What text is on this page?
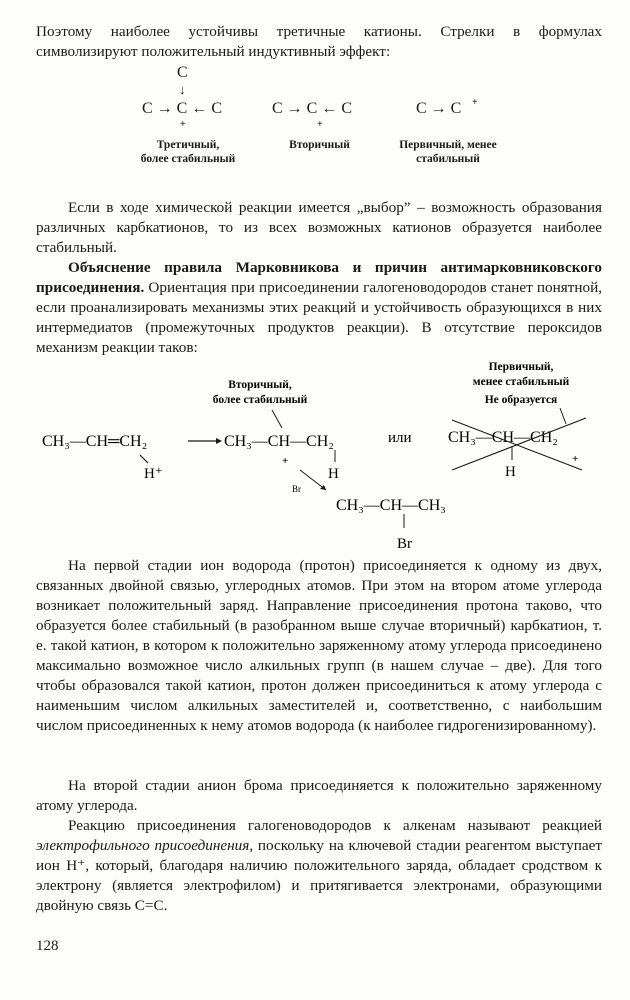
Поэтому наиболее устойчивы третичные катионы. Стрелки в формулах символизируют положительный индуктивный эффект:

C
↓
C → C ← C
+
Третичный,
более стабильный
C → C ← C
+
Вторичный
C → C +
Первичный, менее
стабильный

Если в ходе химической реакции имеется „выбор” – возможность образования различных карбкатионов, то из всех возможных катионов образуется наиболее стабильный.

Объяснение правила Марковникова и причин антимарковниковского присоединения. Ориентация при присоединении галогеноводородов станет понятной, если проанализировать механизмы этих реакций и устойчивость образующихся в них интермедиатов (промежуточных продуктов реакции). В отсутствие пероксидов механизм реакции таков:

CH₃—CH═CH₂
H⁺
Вторичный,
более стабильный
CH₃—CH—CH₂
+
H
Br
CH₃—CH—CH₃
Br
или
Первичный,
менее стабильный
Не образуется
CH₃—CH—CH₂
+
H

На первой стадии ион водорода (протон) присоединяется к одному из двух, связанных двойной связью, углеродных атомов. При этом на втором атоме углерода возникает положительный заряд. Направление присоединения протона таково, что образуется более стабильный (в разобранном выше случае вторичный) карбкатион, т. е. такой катион, в котором к положительно заряженному атому углерода присоединено максимально возможное число алкильных групп (в нашем случае – две). Для того чтобы образовался такой катион, протон должен присоединиться к атому углерода с наименьшим числом алкильных заместителей и, соответственно, с наибольшим числом присоединенных к нему атомов водорода (к наиболее гидрогенизированному).

На второй стадии анион брома присоединяется к положительно заряженному атому углерода.

Реакцию присоединения галогеноводородов к алкенам называют реакцией электрофильного присоединения, поскольку на ключевой стадии реагентом выступает ион H⁺, который, благодаря наличию положительного заряда, обладает сродством к электрону (является электрофилом) и притягивается электронами, образующими двойную связь C=C.

128
